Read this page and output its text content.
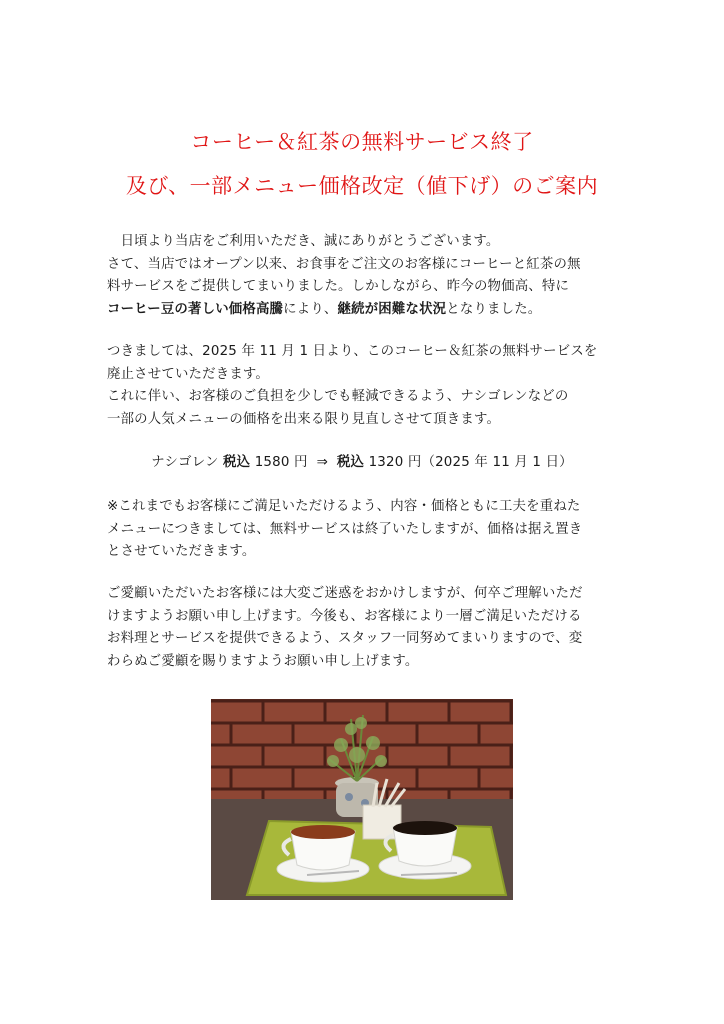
コーヒー＆紅茶の無料サービス終了
及び、一部メニュー価格改定（値下げ）のご案内
　日頃より当店をご利用いただき、誠にありがとうございます。
さて、当店ではオープン以来、お食事をご注文のお客様にコーヒーと紅茶の無
料サービスをご提供してまいりました。しかしながら、昨今の物価高、特に
コーヒー豆の著しい価格高騰により、継続が困難な状況となりました。
つきましては、2025 年 11 月 1 日より、このコーヒー＆紅茶の無料サービスを
廃止させていただきます。
これに伴い、お客様のご負担を少しでも軽減できるよう、ナシゴレンなどの
一部の人気メニューの価格を出来る限り見直しさせて頂きます。
ナシゴレン 税込 1580 円 ⇒ 税込 1320 円（2025 年 11 月 1 日）
※これまでもお客様にご満足いただけるよう、内容・価格ともに工夫を重ねた
メニューにつきましては、無料サービスは終了いたしますが、価格は据え置き
とさせていただきます。
ご愛顧いただいたお客様には大変ご迷惑をおかけしますが、何卒ご理解いただ
けますようお願い申し上げます。今後も、お客様により一層ご満足いただける
お料理とサービスを提供できるよう、スタッフ一同努めてまいりますので、変
わらぬご愛顧を賜りますようお願い申し上げます。
